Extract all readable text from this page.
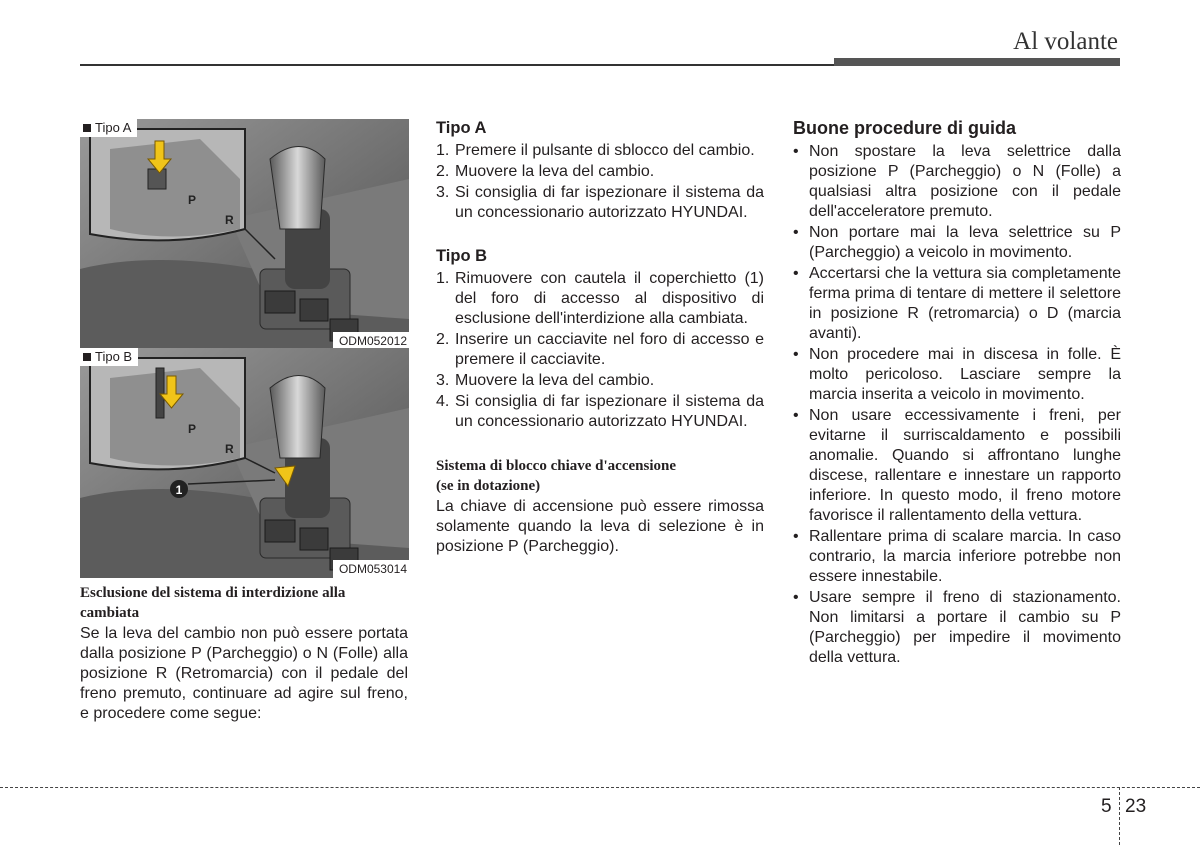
Al volante
P
R
Tipo A
ODM052012
P
R
1
Tipo B
ODM053014

Esclusione del sistema di interdizione alla cambiata

Se la leva del cambio non può essere portata dalla posizione P (Parcheggio) o N (Folle) alla posizione R (Retromarcia) con il pedale del freno premuto, continuare ad agire sul freno, e procedere come segue:

Tipo A

1. Premere il pulsante di sblocco del cambio.
2. Muovere la leva del cambio.
3. Si consiglia di far ispezionare il sistema da un concessionario autorizzato HYUNDAI.

Tipo B

1. Rimuovere con cautela il coperchietto (1) del foro di accesso al dispositivo di esclusione dell'interdizione alla cambiata.
2. Inserire un cacciavite nel foro di accesso e premere il cacciavite.
3. Muovere la leva del cambio.
4. Si consiglia di far ispezionare il sistema da un concessionario autorizzato HYUNDAI.

Sistema di blocco chiave d'accensione
(se in dotazione)

La chiave di accensione può essere rimossa solamente quando la leva di selezione è in posizione P (Parcheggio).

Buone procedure di guida

• Non spostare la leva selettrice dalla posizione P (Parcheggio) o N (Folle) a qualsiasi altra posizione con il pedale dell'acceleratore premuto.
• Non portare mai la leva selettrice su P (Parcheggio) a veicolo in movimento.
• Accertarsi che la vettura sia completamente ferma prima di tentare di mettere il selettore in posizione R (retromarcia) o D (marcia avanti).
• Non procedere mai in discesa in folle. È molto pericoloso. Lasciare sempre la marcia inserita a veicolo in movimento.
• Non usare eccessivamente i freni, per evitarne il surriscaldamento e possibili anomalie. Quando si affrontano lunghe discese, rallentare e innestare un rapporto inferiore. In questo modo, il freno motore favorisce il rallentamento della vettura.
• Rallentare prima di scalare marcia. In caso contrario, la marcia inferiore potrebbe non essere innestabile.
• Usare sempre il freno di stazionamento. Non limitarsi a portare il cambio su P (Parcheggio) per impedire il movimento della vettura.
5 23
